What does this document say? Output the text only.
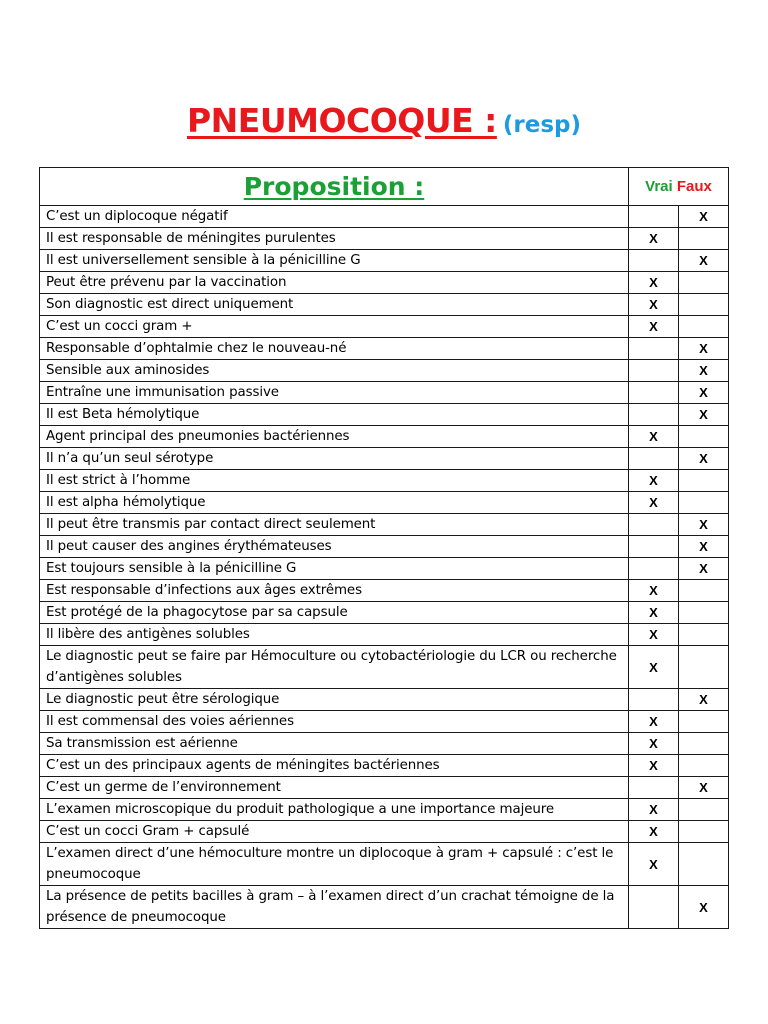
PNEUMOCOQUE : (resp)
Proposition :	Vrai Faux	
C’est un diplocoque négatif		X
Il est responsable de méningites purulentes	X	
Il est universellement sensible à la pénicilline G		X
Peut être prévenu par la vaccination	X	
Son diagnostic est direct uniquement	X	
C’est un cocci gram +	X	
Responsable d’ophtalmie chez le nouveau-né		X
Sensible aux aminosides		X
Entraîne une immunisation passive		X
Il est Beta hémolytique		X
Agent principal des pneumonies bactériennes	X	
Il n’a qu’un seul sérotype		X
Il est strict à l’homme	X	
Il est alpha hémolytique	X	
Il peut être transmis par contact direct seulement		X
Il peut causer des angines érythémateuses		X
Est toujours sensible à la pénicilline G		X
Est responsable d’infections aux âges extrêmes	X	
Est protégé de la phagocytose par sa capsule	X	
Il libère des antigènes solubles	X	
Le diagnostic peut se faire par Hémoculture ou cytobactériologie du LCR ou recherche d’antigènes solubles	X	
Le diagnostic peut être sérologique		X
Il est commensal des voies aériennes	X	
Sa transmission est aérienne	X	
C’est un des principaux agents de méningites bactériennes	X	
C’est un germe de l’environnement		X
L’examen microscopique du produit pathologique a une importance majeure	X	
C’est un cocci Gram + capsulé	X	
L’examen direct d’une hémoculture montre un diplocoque à gram + capsulé : c’est le pneumocoque	X	
La présence de petits bacilles à gram – à l’examen direct d’un crachat témoigne de la présence de pneumocoque		X
